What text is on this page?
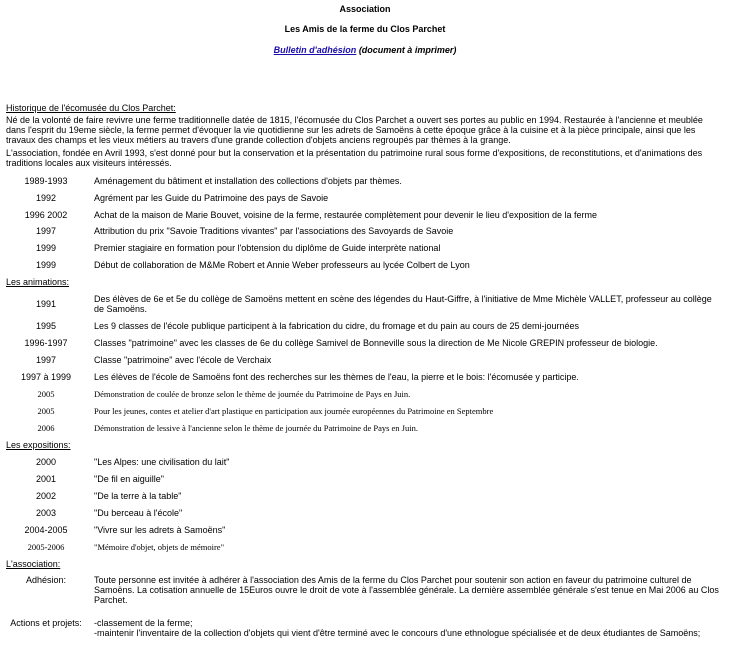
Association
Les Amis de la ferme du Clos Parchet
Bulletin d'adhésion (document à imprimer)
Historique de l'écomusée du Clos Parchet:
Né de la volonté de faire revivre une ferme traditionnelle datée de 1815, l'écomusée du Clos Parchet a ouvert ses portes au public en 1994. Restaurée à l'ancienne et meublée dans l'esprit du 19eme siècle, la ferme permet d'évoquer la vie quotidienne sur les adrets de Samoëns à cette époque grâce à la cuisine et à la pièce principale, ainsi que les travaux des champs et les vieux métiers au travers d'une grande collection d'objets anciens regroupés par thèmes à la grange.
L'association, fondée en Avril 1993, s'est donné pour but la conservation et la présentation du patrimoine rural sous forme d'expositions, de reconstitutions, et d'animations des traditions locales aux visiteurs intéressés.
1989-1993	Aménagement du bâtiment et installation des collections d'objets par thèmes.
1992	Agrément par les Guide du Patrimoine des pays de Savoie
1996 2002	Achat de la maison de Marie Bouvet, voisine de la ferme, restaurée complètement pour devenir le lieu d'exposition de la ferme
1997	Attribution du prix "Savoie Traditions vivantes" par l'associations des Savoyards de Savoie
1999	Premier stagiaire en formation pour l'obtension du diplôme de Guide interprète national
1999	Début de collaboration de M&Me Robert et Annie Weber professeurs au lycée Colbert de Lyon
Les animations:
1991	Des élèves de 6e et 5e du collège de Samoëns mettent en scène des légendes du Haut-Giffre, à l'initiative de Mme Michèle VALLET, professeur au collège de Samoëns.
1995	Les 9 classes de l'école publique participent à la fabrication du cidre, du fromage et du pain au cours de 25 demi-journées
1996-1997	Classes "patrimoine" avec les classes de 6e du collège Samivel de Bonneville sous la direction de Me Nicole GREPIN professeur de biologie.
1997	Classe "patrimoine" avec l'école de Verchaix
1997 à 1999	Les élèves de l'école de Samoëns font des recherches sur les thèmes de l'eau, la pierre et le bois: l'écomusée y participe.
2005	Démonstration de coulée de bronze selon le thème de journée du Patrimoine de Pays en Juin.
2005	Pour les jeunes, contes et atelier d'art plastique en participation aux journée européennes du Patrimoine en Septembre
2006	Démonstration de lessive à l'ancienne selon le thème de journée du Patrimoine de Pays en Juin.
Les expositions:
2000	"Les Alpes: une civilisation du lait"
2001	"De fil en aiguille"
2002	"De la terre à la table"
2003	"Du berceau à l'école"
2004-2005	"Vivre sur les adrets à Samoëns"
2005-2006	"Mémoire d'objet, objets de mémoire"
L'association:
Adhésion:	Toute personne est invitée à adhérer à l'association des Amis de la ferme du Clos Parchet pour soutenir son action en faveur du patrimoine culturel de Samoëns. La cotisation annuelle de 15Euros ouvre le droit de vote à l'assemblée générale. La dernière assemblée générale s'est tenue en Mai 2006 au Clos Parchet.
Actions et projets:	-classement de la ferme;
-maintenir l'inventaire de la collection d'objets qui vient d'être terminé avec le concours d'une ethnologue spécialisée et de deux étudiantes de Samoëns;
